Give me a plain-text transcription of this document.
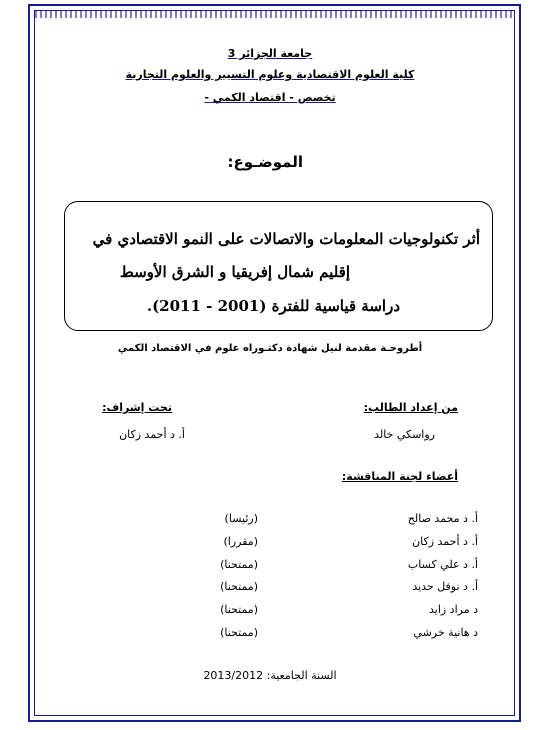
جامعة الجزائر 3
كلية العلوم الاقتصادية وعلوم التسيير والعلوم التجارية
تخصص - اقتصاد الكمي -
الموضـوع:
أثر تكنولوجيات المعلومات والاتصالات على النمو الاقتصادي في
إقليم شمال إفريقيا و الشرق الأوسط
دراسة قياسية للفترة (2001 - 2011).
أطروحـة مقدمة لنيل شهادة دكتـوراه علوم في الاقتصاد الكمي
من إعداد الطالب:
تحت إشراف:
رواسكي خالد
أ. د أحمد زكان
أعضاء لجنة المناقشة:
أ. د محمد صالح
(رئيسا)
أ. د أحمد زكان
(مقررا)
أ. د علي كساب
(ممتحنا)
أ. د نوفل حديد
(ممتحنا)
د مراد زايد
(ممتحنا)
د هانية خرشي
(ممتحنا)
السنة الجامعية: 2013/2012
